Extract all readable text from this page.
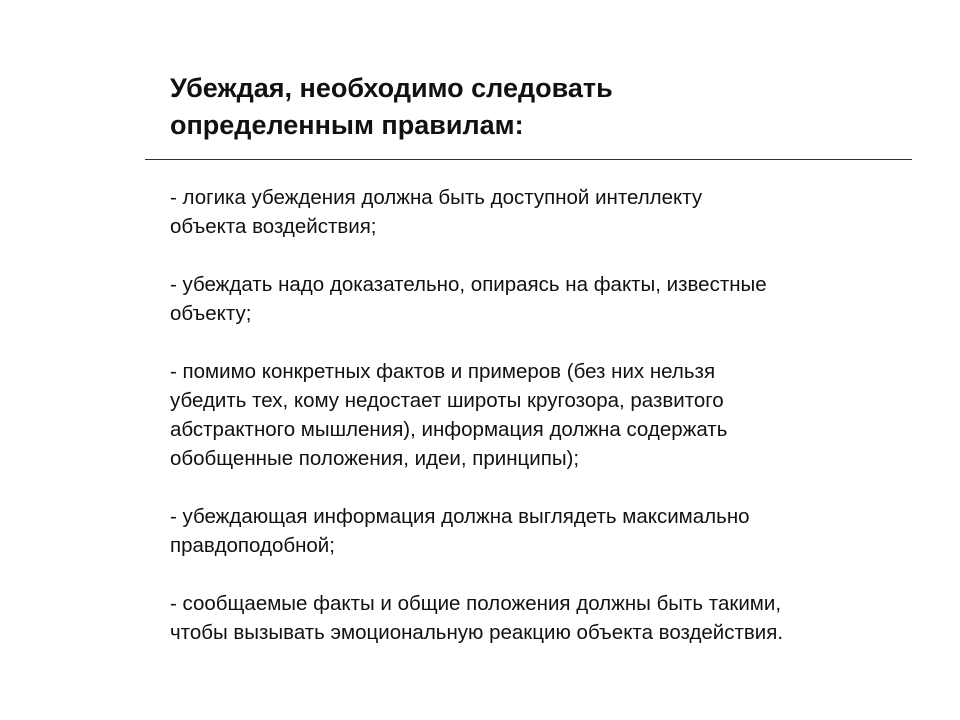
Убеждая, необходимо следовать
определенным правилам:
- логика убеждения должна быть доступной интеллекту
объекта воздействия;
- убеждать надо доказательно, опираясь на факты, известные
объекту;
- помимо конкретных фактов и примеров (без них нельзя
убедить тех, кому недостает широты кругозора, развитого
абстрактного мышления), информация должна содержать
обобщенные положения, идеи, принципы);
- убеждающая информация должна выглядеть максимально
правдоподобной;
- сообщаемые факты и общие положения должны быть такими,
чтобы вызывать эмоциональную реакцию объекта воздействия.
